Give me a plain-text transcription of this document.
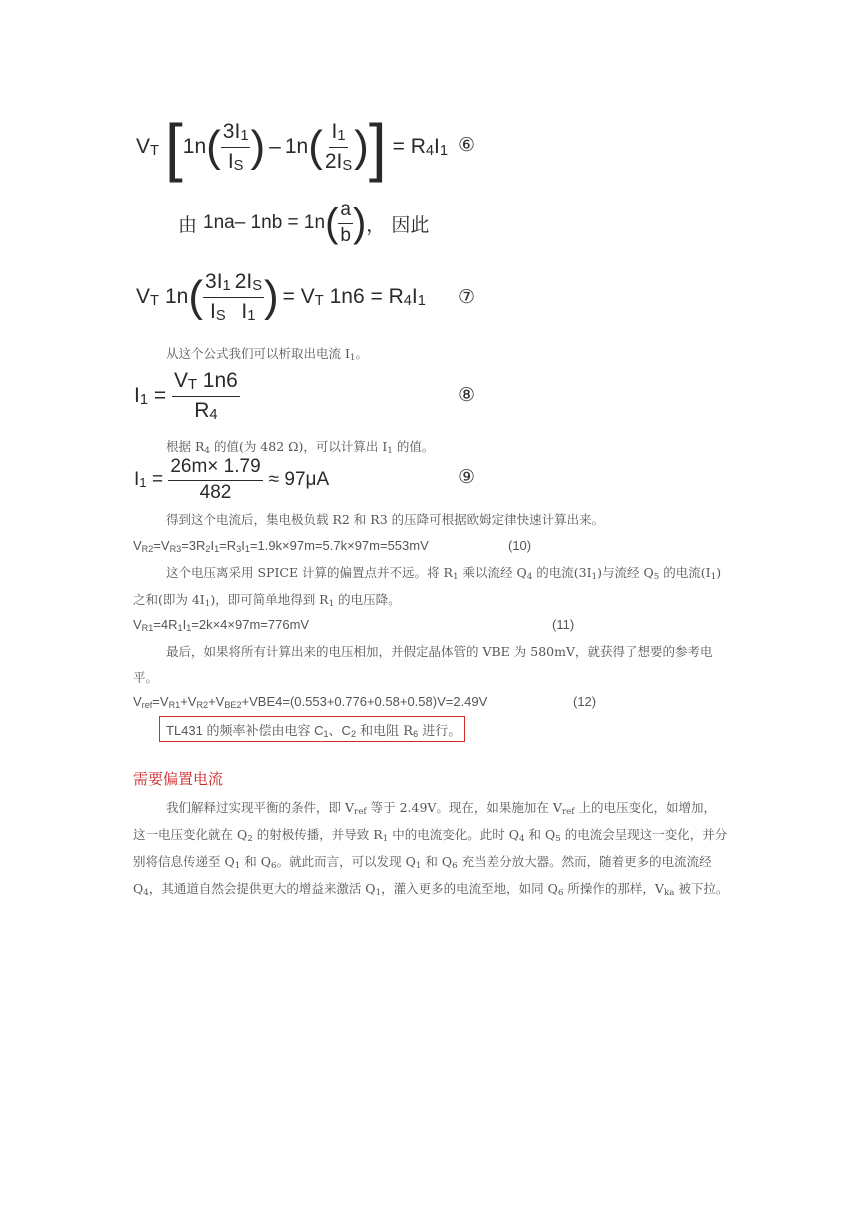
$V_T$ [ 1n ( $\frac{3I_1}{I_S}$ ) – 1n ( $\frac{I_1}{2I_S}$ ) ] = $R_4I_1$ ⑥
由 1na– 1nb = 1n ( $\frac{a}{b}$ ) ， 因此
$V_T$ 1n ( $\frac{3I_1}{I_S} \frac{2I_S}{I_1}$ ) = $V_T$ $1n6 = R_4I_1$ ⑦
从这个公式我们可以析取出电流 $I_1$。
$I_1 = \frac{V_T 1n6}{R_4}$	⑧
根据 $R_4$ 的值(为 482 Ω)，可以计算出 $I_1$ 的值。
$I_1 = \frac{26m\times 1.79}{482} \approx 97\mu A$	⑨
得到这个电流后，集电极负载 R2 和 R3 的压降可根据欧姆定律快速计算出来。
$V_{R2}=V_{R3}=3R_2I_1=R_3I_1=1.9k\times 97m=5.7k\times 97m=553mV$	(10)
这个电压离采用 SPICE 计算的偏置点并不远。将 $R_1$ 乘以流经 $Q_4$ 的电流$(3I_1)$与流经 $Q_5$ 的电流$(I_1)$
之和(即为 $4I_1$)，即可简单地得到 $R_1$ 的电压降。
$V_{R1}=4R_1I_1=2k\times 4\times 97m=776mV$	(11)
最后，如果将所有计算出来的电压相加，并假定晶体管的 VBE 为 580mV，就获得了想要的参考电
平。
$V_{ref}=V_{R1}+V_{R2}+V_{BE2}+VBE4=(0.553+0.776+0.58+0.58)V=2.49V$	(12)
TL431 的频率补偿由电容 $C_1$、$C_2$ 和电阻 $R_6$ 进行。
需要偏置电流
我们解释过实现平衡的条件，即 $V_{ref}$ 等于 2.49V。现在，如果施加在 $V_{ref}$ 上的电压变化，如增加，
这一电压变化就在 $Q_2$ 的射极传播，并导致 $R_1$ 中的电流变化。此时 $Q_4$ 和 $Q_5$ 的电流会呈现这一变化，并分
别将信息传递至 $Q_1$ 和 $Q_6$。就此而言，可以发现 $Q_1$ 和 $Q_6$ 充当差分放大器。然而，随着更多的电流流经
$Q_4$，其通道自然会提供更大的增益来激活 $Q_1$，灌入更多的电流至地，如同 $Q_6$ 所操作的那样，$V_{ka}$ 被下拉。
